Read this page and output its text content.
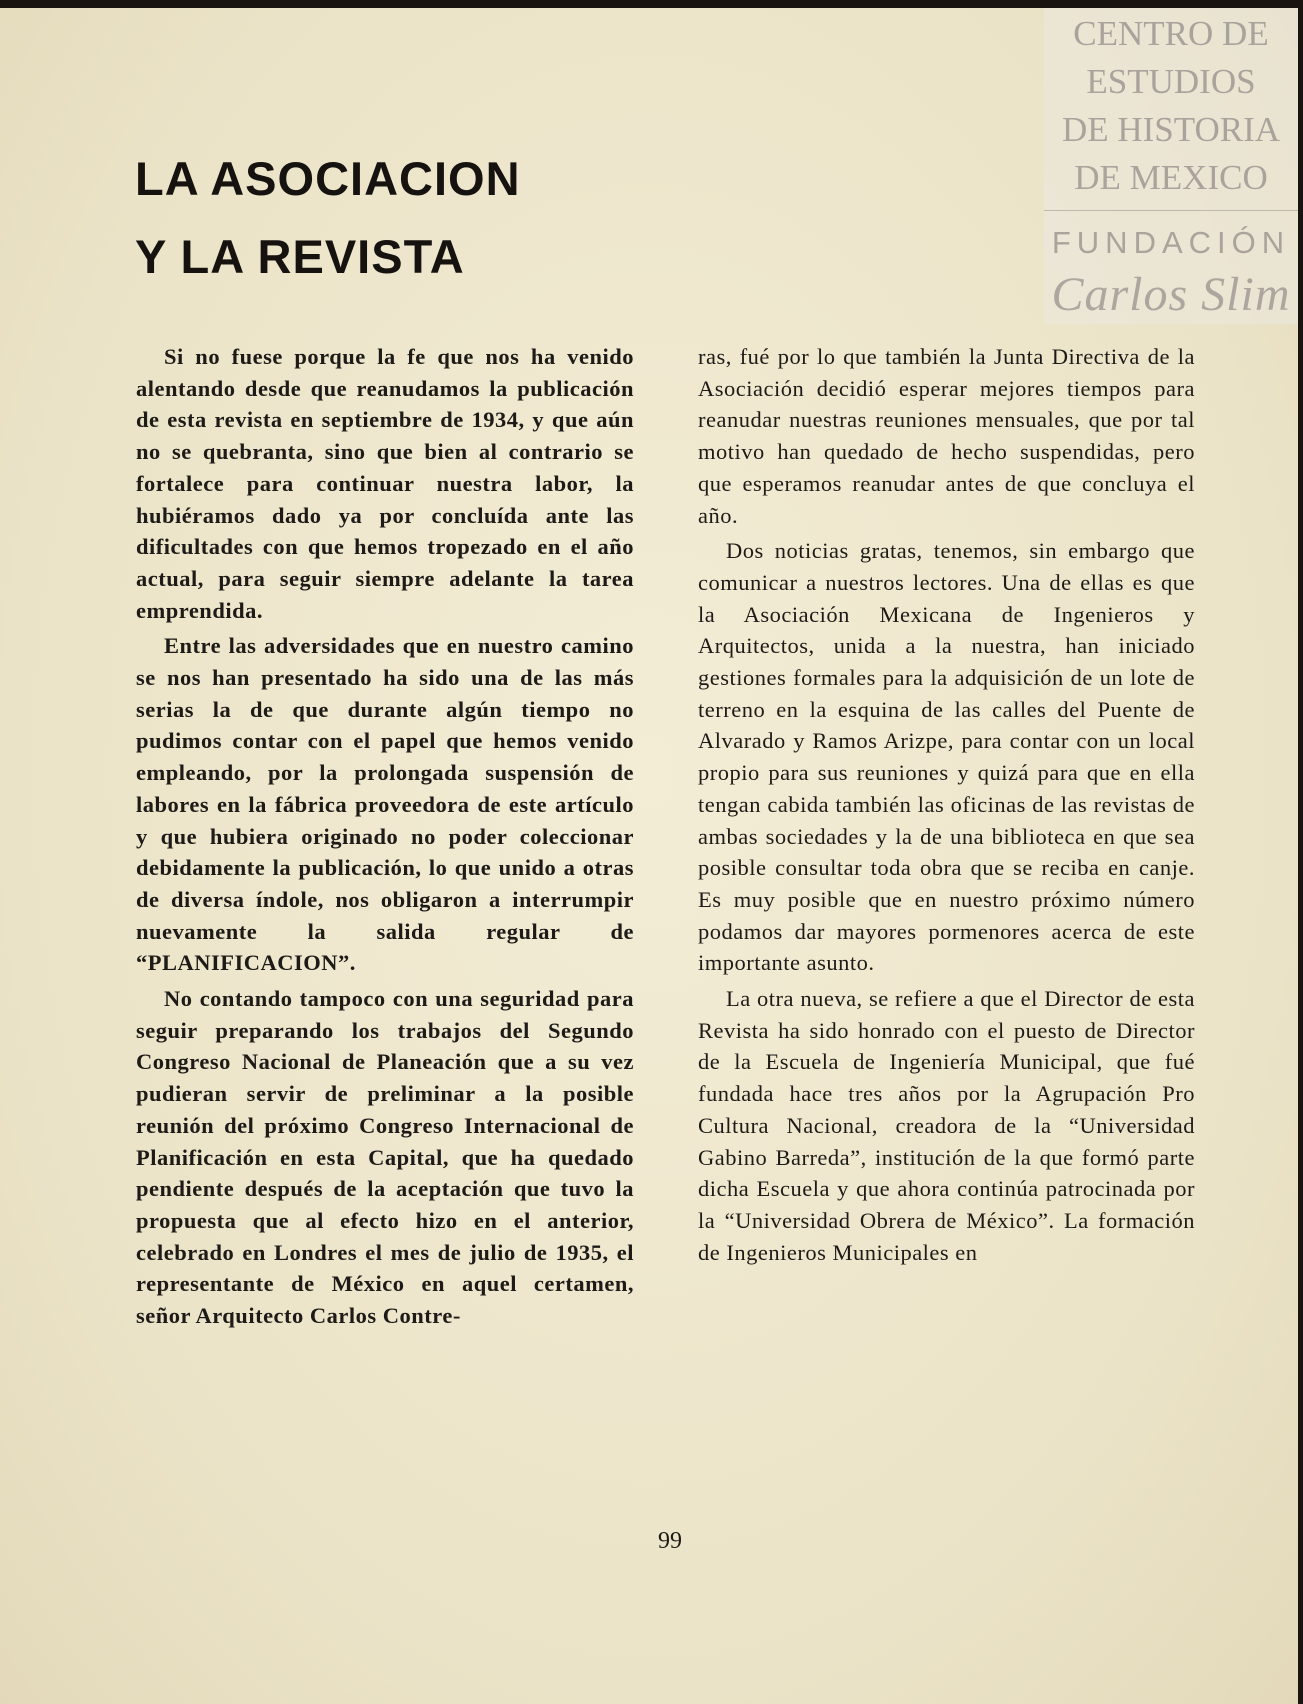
LA ASOCIACION
Y LA REVISTA

Si no fuese porque la fe que nos ha venido alentando desde que reanudamos la publicación de esta revista en septiembre de 1934, y que aún no se quebranta, sino que bien al contrario se fortalece para continuar nuestra labor, la hubiéramos dado ya por concluída ante las dificultades con que hemos tropezado en el año actual, para seguir siempre adelante la tarea emprendida.

Entre las adversidades que en nuestro camino se nos han presentado ha sido una de las más serias la de que durante algún tiempo no pudimos contar con el papel que hemos venido empleando, por la prolongada suspensión de labores en la fábrica proveedora de este artículo y que hubiera originado no poder coleccionar debidamente la publicación, lo que unido a otras de diversa índole, nos obligaron a interrumpir nuevamente la salida regular de “PLANIFICACION”.

No contando tampoco con una seguridad para seguir preparando los trabajos del Segundo Congreso Nacional de Planeación que a su vez pudieran servir de preliminar a la posible reunión del próximo Congreso Internacional de Planificación en esta Capital, que ha quedado pendiente después de la aceptación que tuvo la propuesta que al efecto hizo en el anterior, celebrado en Londres el mes de julio de 1935, el representante de México en aquel certamen, señor Arquitecto Carlos Contre-

ras, fué por lo que también la Junta Directiva de la Asociación decidió esperar mejores tiempos para reanudar nuestras reuniones mensuales, que por tal motivo han quedado de hecho suspendidas, pero que esperamos reanudar antes de que concluya el año.

Dos noticias gratas, tenemos, sin embargo que comunicar a nuestros lectores. Una de ellas es que la Asociación Mexicana de Ingenieros y Arquitectos, unida a la nuestra, han iniciado gestiones formales para la adquisición de un lote de terreno en la esquina de las calles del Puente de Alvarado y Ramos Arizpe, para contar con un local propio para sus reuniones y quizá para que en ella tengan cabida también las oficinas de las revistas de ambas sociedades y la de una biblioteca en que sea posible consultar toda obra que se reciba en canje. Es muy posible que en nuestro próximo número podamos dar mayores pormenores acerca de este importante asunto.

La otra nueva, se refiere a que el Director de esta Revista ha sido honrado con el puesto de Director de la Escuela de Ingeniería Municipal, que fué fundada hace tres años por la Agrupación Pro Cultura Nacional, creadora de la “Universidad Gabino Barreda”, institución de la que formó parte dicha Escuela y que ahora continúa patrocinada por la “Universidad Obrera de México”. La formación de Ingenieros Municipales en

99
CENTRO DE
ESTUDIOS
DE HISTORIA
DE MEXICO
FUNDACIÓN
Carlos Slim
